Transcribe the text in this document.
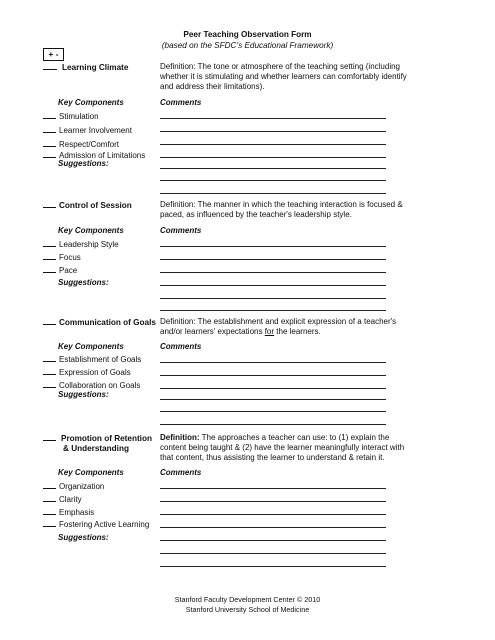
Peer Teaching Observation Form
(based on the SFDC’s Educational Framework)
+ -
Learning Climate	Definition: The tone or atmosphere of the teaching setting (including whether it is stimulating and whether learners can comfortably identify and address their limitations).
Key Components	Comments
Stimulation
Learner Involvement
Respect/Comfort
Admission of Limitations
Suggestions:
Control of Session	Definition: The manner in which the teaching interaction is focused & paced, as influenced by the teacher's leadership style.
Key Components	Comments
Leadership Style
Focus
Pace
Suggestions:
Communication of Goals Definition: The establishment and explicit expression of a teacher's and/or learners' expectations for the learners.
Key Components	Comments
Establishment of Goals
Expression of Goals
Collaboration on Goals
Suggestions:
Promotion of Retention
& Understanding
Definition: The approaches a teacher can use: to (1) explain the content being taught & (2) have the learner meaningfully interact with that content, thus assisting the learner to understand & retain it.
Key Components	Comments
Organization
Clarity
Emphasis
Fostering Active Learning
Suggestions:
Stanford Faculty Development Center © 2010
Stanford University School of Medicine
